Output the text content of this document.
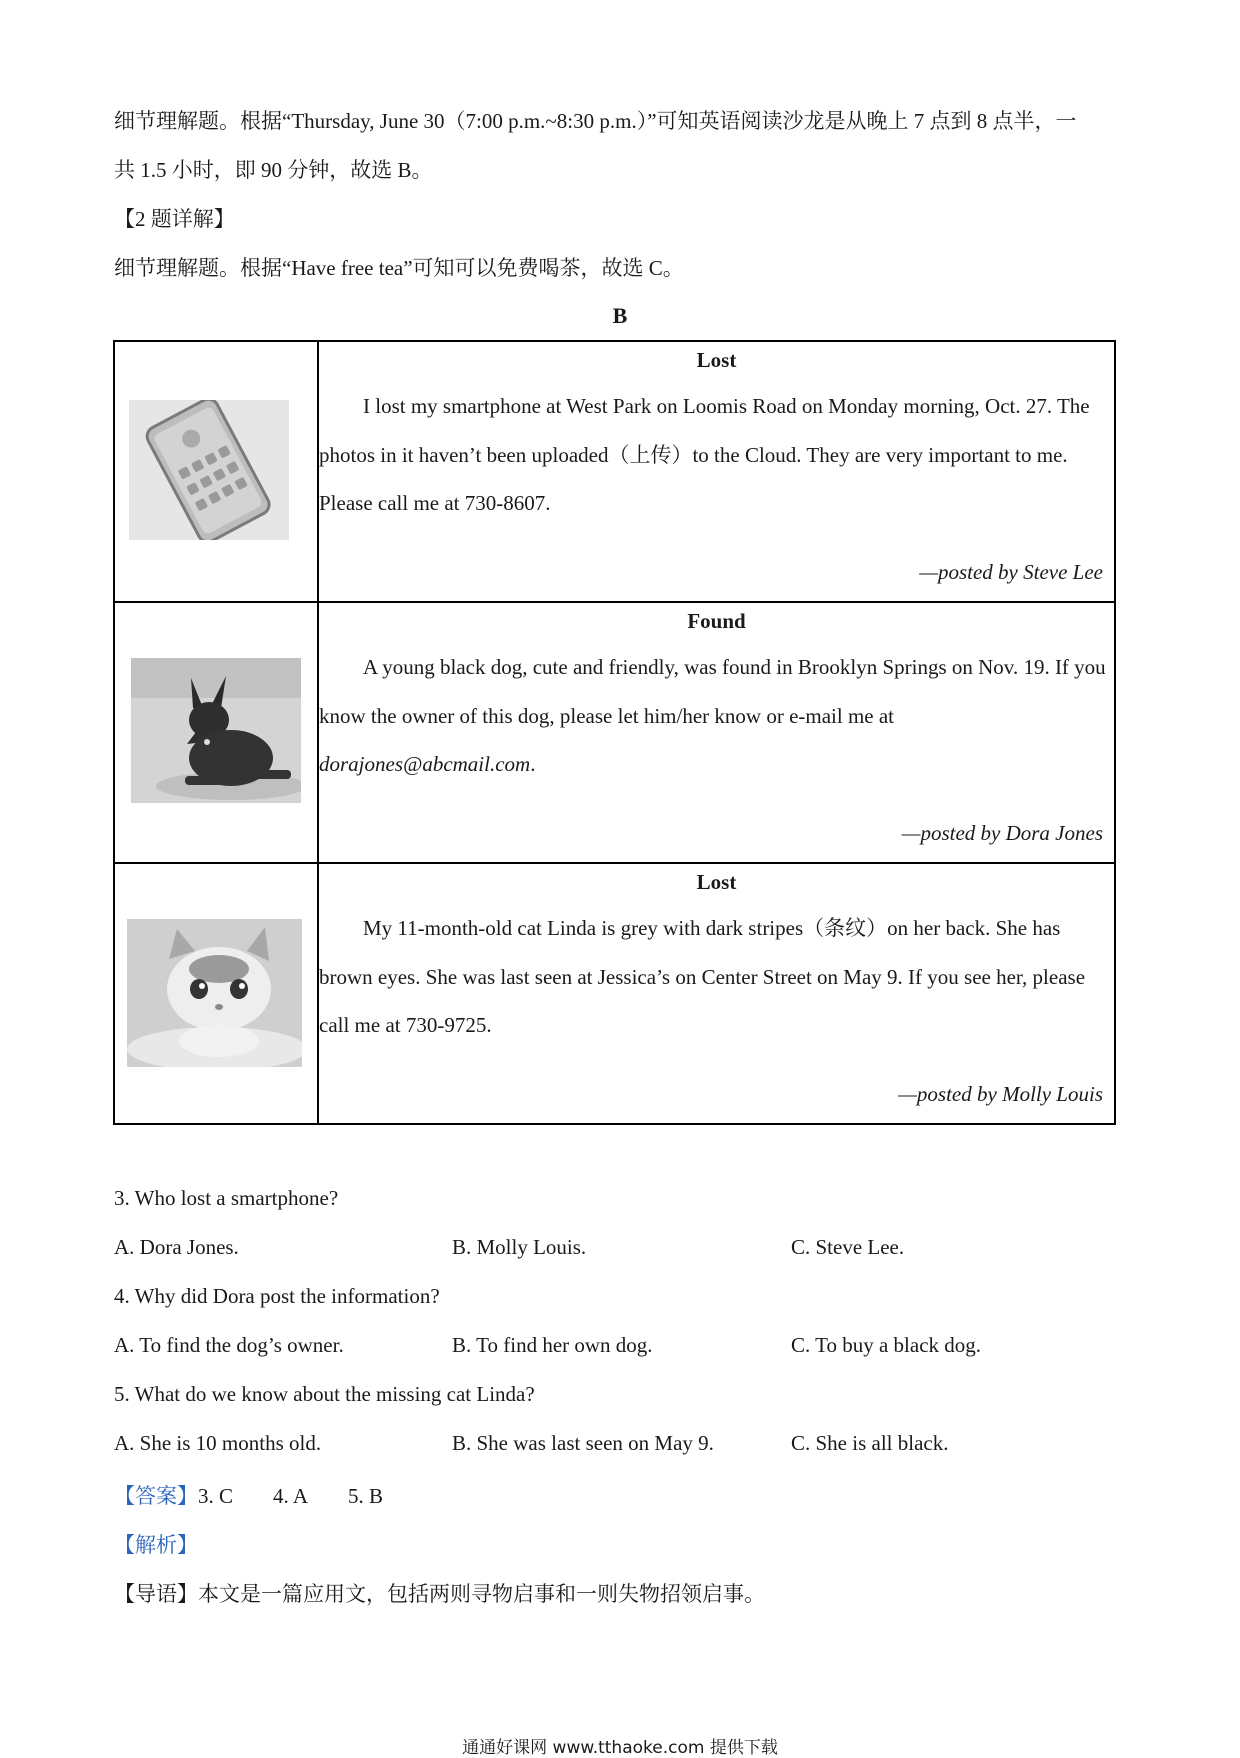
细节理解题。根据“Thursday, June 30（7:00 p.m.~8:30 p.m.）”可知英语阅读沙龙是从晚上 7 点到 8 点半，一
共 1.5 小时，即 90 分钟，故选 B。
【2 题详解】
细节理解题。根据“Have free tea”可知可以免费喝茶，故选 C。
B

Lost
I lost my smartphone at West Park on Loomis Road on Monday morning, Oct. 27. The photos in it haven’t been uploaded（上传）to the Cloud. They are very important to me. Please call me at 730-8607.
—posted by Steve Lee

Found
A young black dog, cute and friendly, was found in Brooklyn Springs on Nov. 19. If you know the owner of this dog, please let him/her know or e-mail me at
dorajones@abcmail.com.
—posted by Dora Jones

Lost
My 11-month-old cat Linda is grey with dark stripes（条纹）on her back. She has brown eyes. She was last seen at Jessica’s on Center Street on May 9. If you see her, please call me at 730-9725.
—posted by Molly Louis
3. Who lost a smartphone?
A. Dora Jones.	B. Molly Louis.	C. Steve Lee.
4. Why did Dora post the information?
A. To find the dog’s owner.	B. To find her own dog.	C. To buy a black dog.
5. What do we know about the missing cat Linda?
A. She is 10 months old.	B. She was last seen on May 9.	C. She is all black.
【答案】3. C 4. A 5. B
【解析】
【导语】本文是一篇应用文，包括两则寻物启事和一则失物招领启事。
通通好课网 www.tthaoke.com 提供下载
